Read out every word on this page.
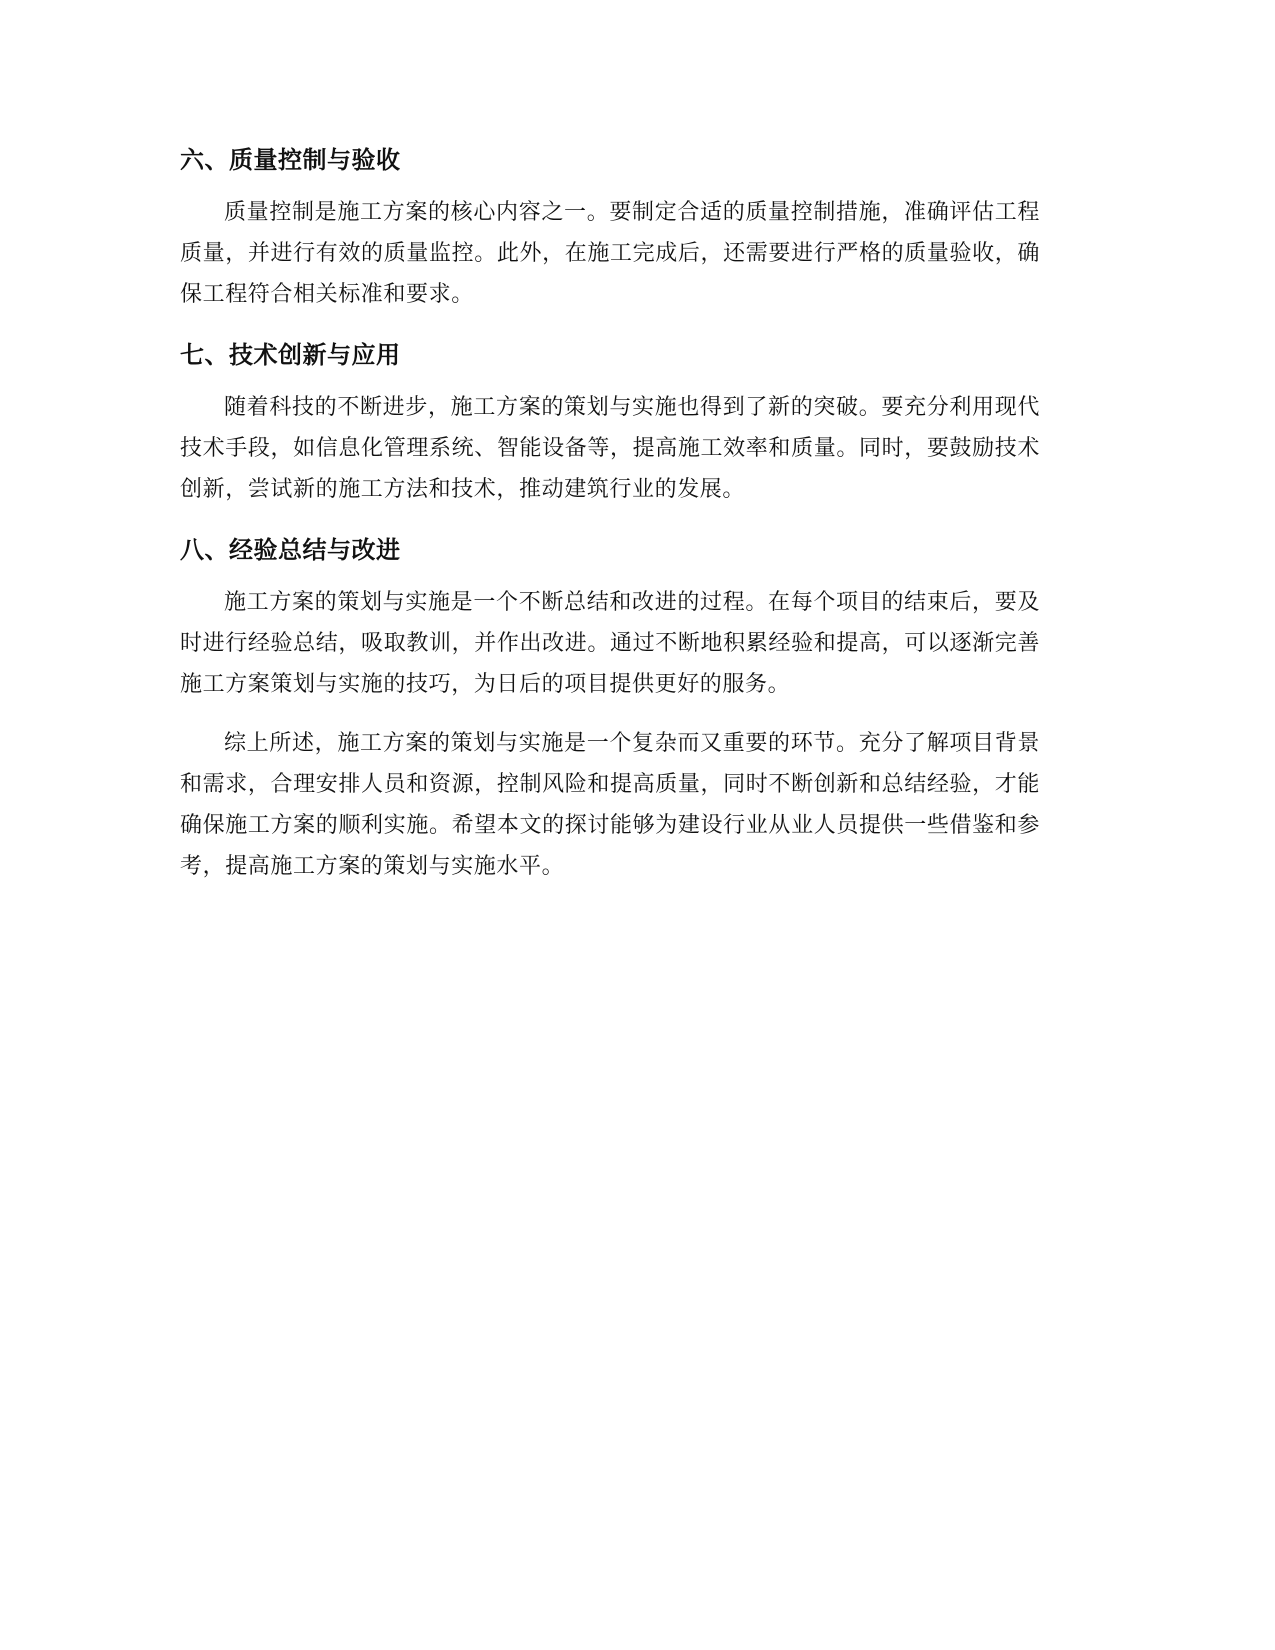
六、质量控制与验收

质量控制是施工方案的核心内容之一。要制定合适的质量控制措施，准确评估工程质量，并进行有效的质量监控。此外，在施工完成后，还需要进行严格的质量验收，确保工程符合相关标准和要求。

七、技术创新与应用

随着科技的不断进步，施工方案的策划与实施也得到了新的突破。要充分利用现代技术手段，如信息化管理系统、智能设备等，提高施工效率和质量。同时，要鼓励技术创新，尝试新的施工方法和技术，推动建筑行业的发展。

八、经验总结与改进

施工方案的策划与实施是一个不断总结和改进的过程。在每个项目的结束后，要及时进行经验总结，吸取教训，并作出改进。通过不断地积累经验和提高，可以逐渐完善施工方案策划与实施的技巧，为日后的项目提供更好的服务。

综上所述，施工方案的策划与实施是一个复杂而又重要的环节。充分了解项目背景和需求，合理安排人员和资源，控制风险和提高质量，同时不断创新和总结经验，才能确保施工方案的顺利实施。希望本文的探讨能够为建设行业从业人员提供一些借鉴和参考，提高施工方案的策划与实施水平。
